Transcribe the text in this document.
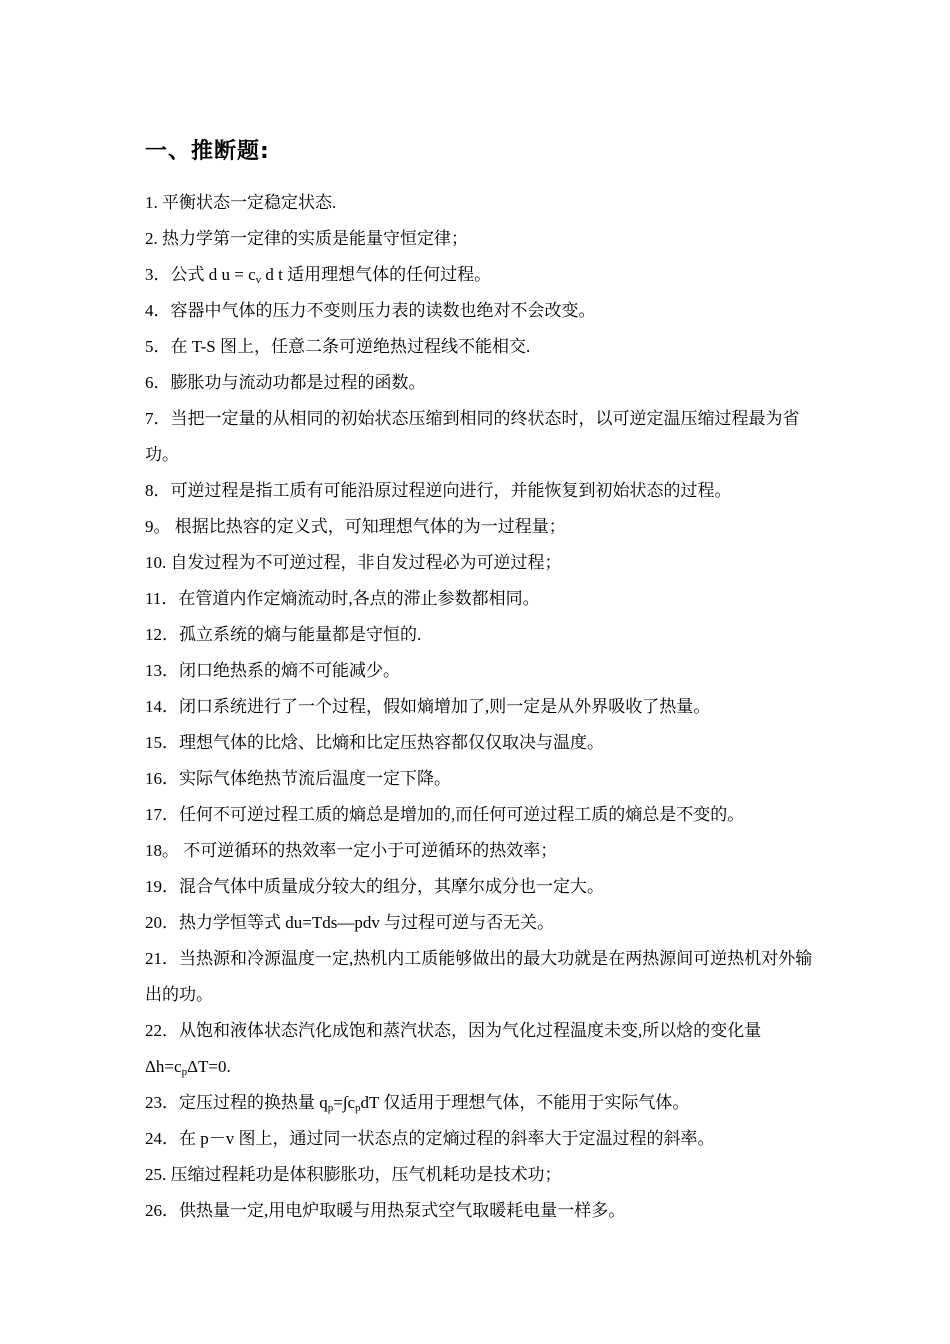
一、推断题:
1. 平衡状态一定稳定状态.
2. 热力学第一定律的实质是能量守恒定律；
3．公式 d $u = c_v$ d t 适用理想气体的任何过程。
4．容器中气体的压力不变则压力表的读数也绝对不会改变。
5．在 T-S 图上，任意二条可逆绝热过程线不能相交.
6．膨胀功与流动功都是过程的函数。
7．当把一定量的从相同的初始状态压缩到相同的终状态时，以可逆定温压缩过程最为省功。
8．可逆过程是指工质有可能沿原过程逆向进行，并能恢复到初始状态的过程。
9。 根据比热容的定义式，可知理想气体的为一过程量；
10. 自发过程为不可逆过程，非自发过程必为可逆过程；
11．在管道内作定熵流动时,各点的滞止参数都相同。
12．孤立系统的熵与能量都是守恒的.
13．闭口绝热系的熵不可能减少。
14．闭口系统进行了一个过程，假如熵增加了,则一定是从外界吸收了热量。
15．理想气体的比焓、比熵和比定压热容都仅仅取决与温度。
16．实际气体绝热节流后温度一定下降。
17．任何不可逆过程工质的熵总是增加的,而任何可逆过程工质的熵总是不变的。
18。 不可逆循环的热效率一定小于可逆循环的热效率；
19．混合气体中质量成分较大的组分，其摩尔成分也一定大。
20．热力学恒等式 du=Tds—pdv 与过程可逆与否无关。
21．当热源和冷源温度一定,热机内工质能够做出的最大功就是在两热源间可逆热机对外输出的功。
22．从饱和液体状态汽化成饱和蒸汽状态，因为气化过程温度未变,所以焓的变化量 $\Delta h=c_p\Delta T=0$.
23．定压过程的换热量 $q_p=\int c_pdT$ 仅适用于理想气体，不能用于实际气体。
24．在 p－v 图上，通过同一状态点的定熵过程的斜率大于定温过程的斜率。
25. 压缩过程耗功是体积膨胀功，压气机耗功是技术功；
26．供热量一定,用电炉取暖与用热泵式空气取暖耗电量一样多。
